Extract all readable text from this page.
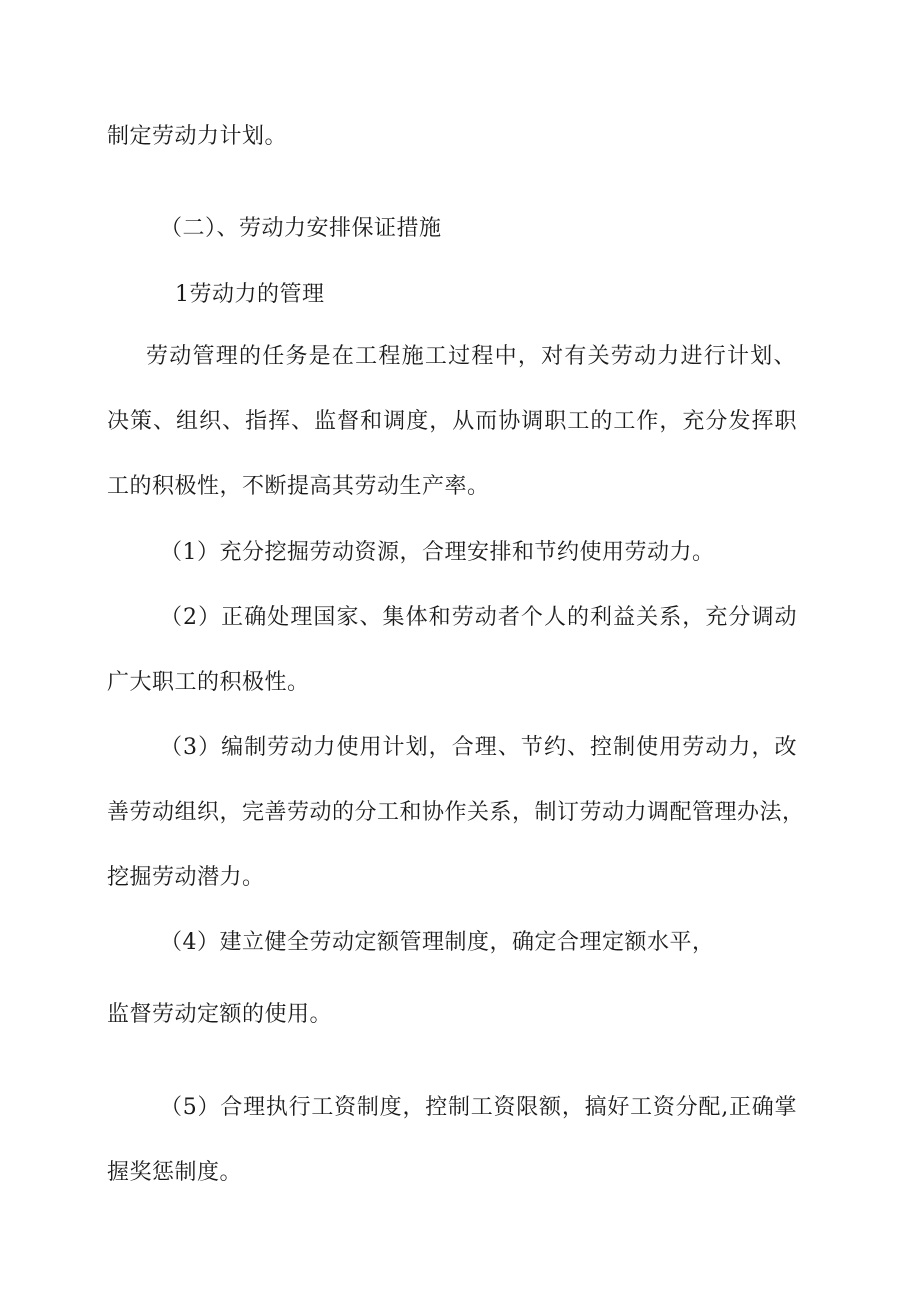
制定劳动力计划。
（二）、劳动力安排保证措施
1劳动力的管理
劳动管理的任务是在工程施工过程中，对有关劳动力进行计划、
决策、组织、指挥、监督和调度，从而协调职工的工作，充分发挥职
工的积极性，不断提高其劳动生产率。
（1）充分挖掘劳动资源，合理安排和节约使用劳动力。
（2）正确处理国家、集体和劳动者个人的利益关系，充分调动
广大职工的积极性。
（3）编制劳动力使用计划，合理、节约、控制使用劳动力，改
善劳动组织，完善劳动的分工和协作关系，制订劳动力调配管理办法，
挖掘劳动潜力。
（4）建立健全劳动定额管理制度，确定合理定额水平，
监督劳动定额的使用。
（5）合理执行工资制度，控制工资限额，搞好工资分配,正确掌
握奖惩制度。
